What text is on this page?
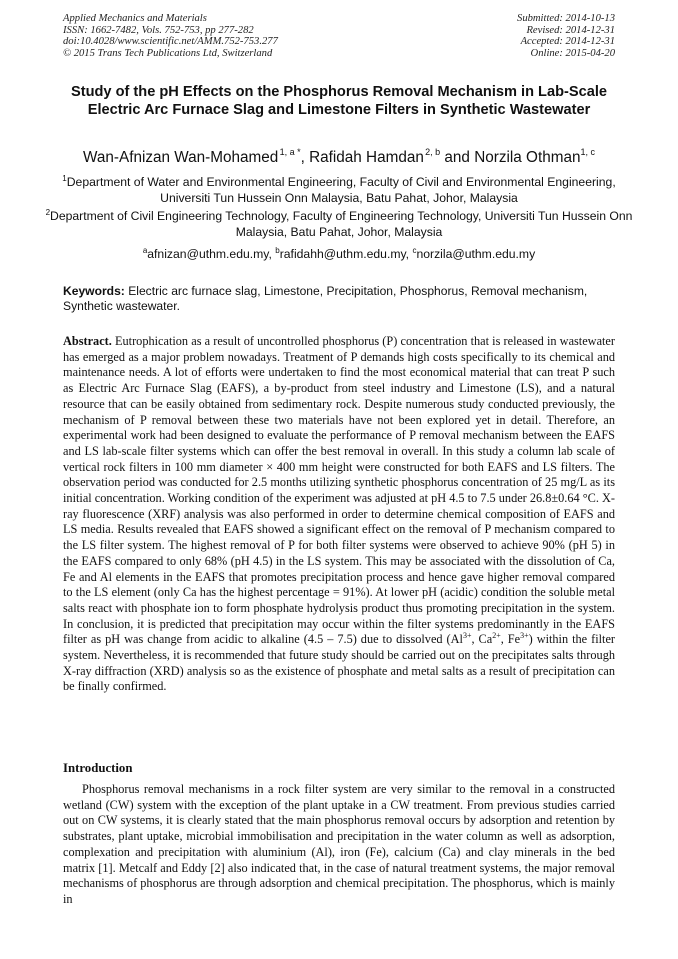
Applied Mechanics and Materials
ISSN: 1662-7482, Vols. 752-753, pp 277-282
doi:10.4028/www.scientific.net/AMM.752-753.277
© 2015 Trans Tech Publications Ltd, Switzerland
Submitted: 2014-10-13
Revised: 2014-12-31
Accepted: 2014-12-31
Online: 2015-04-20
Study of the pH Effects on the Phosphorus Removal Mechanism in Lab-Scale Electric Arc Furnace Slag and Limestone Filters in Synthetic Wastewater
Wan-Afnizan Wan-Mohamed $^{1, a *}$, Rafidah Hamdan $^{2, b}$ and Norzila Othman$^{1, c}$
$^1$Department of Water and Environmental Engineering, Faculty of Civil and Environmental Engineering, Universiti Tun Hussein Onn Malaysia, Batu Pahat, Johor, Malaysia
$^2$Department of Civil Engineering Technology, Faculty of Engineering Technology, Universiti Tun Hussein Onn Malaysia, Batu Pahat, Johor, Malaysia
$^a$afnizan@uthm.edu.my, $^b$rafidahh@uthm.edu.my, $^c$norzila@uthm.edu.my
Keywords: Electric arc furnace slag, Limestone, Precipitation, Phosphorus, Removal mechanism, Synthetic wastewater.

Abstract. Eutrophication as a result of uncontrolled phosphorus (P) concentration that is released in wastewater has emerged as a major problem nowadays. Treatment of P demands high costs specifically to its chemical and maintenance needs. A lot of efforts were undertaken to find the most economical material that can treat P such as Electric Arc Furnace Slag (EAFS), a by-product from steel industry and Limestone (LS), and a natural resource that can be easily obtained from sedimentary rock. Despite numerous study conducted previously, the mechanism of P removal between these two materials have not been explored yet in detail. Therefore, an experimental work had been designed to evaluate the performance of P removal mechanism between the EAFS and LS lab-scale filter systems which can offer the best removal in overall. In this study a column lab scale of vertical rock filters in 100 mm diameter × 400 mm height were constructed for both EAFS and LS filters. The observation period was conducted for 2.5 months utilizing synthetic phosphorus concentration of 25 mg/L as its initial concentration. Working condition of the experiment was adjusted at pH 4.5 to 7.5 under 26.8±0.64 °C. X-ray fluorescence (XRF) analysis was also performed in order to determine chemical composition of EAFS and LS media. Results revealed that EAFS showed a significant effect on the removal of P mechanism compared to the LS filter system. The highest removal of P for both filter systems were observed to achieve 90% (pH 5) in the EAFS compared to only 68% (pH 4.5) in the LS system. This may be associated with the dissolution of Ca, Fe and Al elements in the EAFS that promotes precipitation process and hence gave higher removal compared to the LS element (only Ca has the highest percentage = 91%). At lower pH (acidic) condition the soluble metal salts react with phosphate ion to form phosphate hydrolysis product thus promoting precipitation in the system. In conclusion, it is predicted that precipitation may occur within the filter systems predominantly in the EAFS filter as pH was change from acidic to alkaline (4.5 – 7.5) due to dissolved ($Al^{3+}$, $Ca^{2+}$, $Fe^{3+}$) within the filter system. Nevertheless, it is recommended that future study should be carried out on the precipitates salts through X-ray diffraction (XRD) analysis so as the existence of phosphate and metal salts as a result of precipitation can be finally confirmed.

Introduction

Phosphorus removal mechanisms in a rock filter system are very similar to the removal in a constructed wetland (CW) system with the exception of the plant uptake in a CW treatment. From previous studies carried out on CW systems, it is clearly stated that the main phosphorus removal occurs by adsorption and retention by substrates, plant uptake, microbial immobilisation and precipitation in the water column as well as adsorption, complexation and precipitation with aluminium (Al), iron (Fe), calcium (Ca) and clay minerals in the bed matrix [1]. Metcalf and Eddy [2] also indicated that, in the case of natural treatment systems, the major removal mechanisms of phosphorus are through adsorption and chemical precipitation. The phosphorus, which is mainly in
